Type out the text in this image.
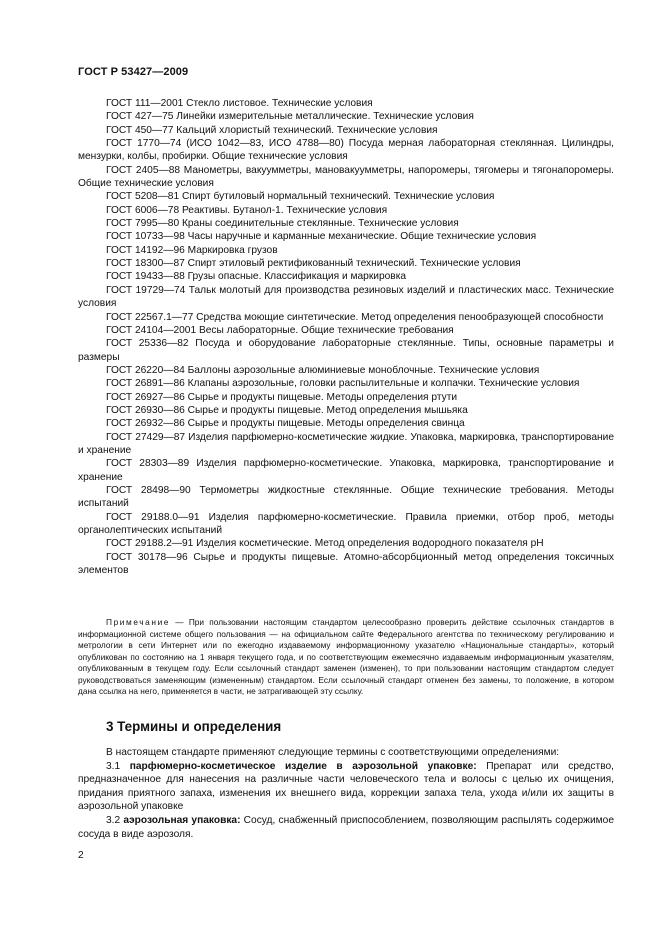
ГОСТ Р 53427—2009

ГОСТ 111—2001 Стекло листовое. Технические условия

ГОСТ 427—75 Линейки измерительные металлические. Технические условия

ГОСТ 450—77 Кальций хлористый технический. Технические условия

ГОСТ 1770—74 (ИСО 1042—83, ИСО 4788—80) Посуда мерная лабораторная стеклянная. Цилиндры, мензурки, колбы, пробирки. Общие технические условия

ГОСТ 2405—88 Манометры, вакуумметры, мановакуумметры, напоромеры, тягомеры и тягонапоромеры. Общие технические условия

ГОСТ 5208—81 Спирт бутиловый нормальный технический. Технические условия

ГОСТ 6006—78 Реактивы. Бутанол-1. Технические условия

ГОСТ 7995—80 Краны соединительные стеклянные. Технические условия

ГОСТ 10733—98 Часы наручные и карманные механические. Общие технические условия

ГОСТ 14192—96 Маркировка грузов

ГОСТ 18300—87 Спирт этиловый ректификованный технический. Технические условия

ГОСТ 19433—88 Грузы опасные. Классификация и маркировка

ГОСТ 19729—74 Тальк молотый для производства резиновых изделий и пластических масс. Технические условия

ГОСТ 22567.1—77 Средства моющие синтетические. Метод определения пенообразующей способности

ГОСТ 24104—2001 Весы лабораторные. Общие технические требования

ГОСТ 25336—82 Посуда и оборудование лабораторные стеклянные. Типы, основные параметры и размеры

ГОСТ 26220—84 Баллоны аэрозольные алюминиевые моноблочные. Технические условия

ГОСТ 26891—86 Клапаны аэрозольные, головки распылительные и колпачки. Технические условия

ГОСТ 26927—86 Сырье и продукты пищевые. Методы определения ртути

ГОСТ 26930—86 Сырье и продукты пищевые. Метод определения мышьяка

ГОСТ 26932—86 Сырье и продукты пищевые. Методы определения свинца

ГОСТ 27429—87 Изделия парфюмерно-косметические жидкие. Упаковка, маркировка, транспортирование и хранение

ГОСТ 28303—89 Изделия парфюмерно-косметические. Упаковка, маркировка, транспортирование и хранение

ГОСТ 28498—90 Термометры жидкостные стеклянные. Общие технические требования. Методы испытаний

ГОСТ 29188.0—91 Изделия парфюмерно-косметические. Правила приемки, отбор проб, методы органолептических испытаний

ГОСТ 29188.2—91 Изделия косметические. Метод определения водородного показателя pH

ГОСТ 30178—96 Сырье и продукты пищевые. Атомно-абсорбционный метод определения токсичных элементов

Примечание — При пользовании настоящим стандартом целесообразно проверить действие ссылочных стандартов в информационной системе общего пользования — на официальном сайте Федерального агентства по техническому регулированию и метрологии в сети Интернет или по ежегодно издаваемому информационному указателю «Национальные стандарты», который опубликован по состоянию на 1 января текущего года, и по соответствующим ежемесячно издаваемым информационным указателям, опубликованным в текущем году. Если ссылочный стандарт заменен (изменен), то при пользовании настоящим стандартом следует руководствоваться заменяющим (измененным) стандартом. Если ссылочный стандарт отменен без замены, то положение, в котором дана ссылка на него, применяется в части, не затрагивающей эту ссылку.

3 Термины и определения

В настоящем стандарте применяют следующие термины с соответствующими определениями:

3.1 парфюмерно-косметическое изделие в аэрозольной упаковке: Препарат или средство, предназначенное для нанесения на различные части человеческого тела и волосы с целью их очищения, придания приятного запаха, изменения их внешнего вида, коррекции запаха тела, ухода и/или их защиты в аэрозольной упаковке

3.2 аэрозольная упаковка: Сосуд, снабженный приспособлением, позволяющим распылять содержимое сосуда в виде аэрозоля.

2
